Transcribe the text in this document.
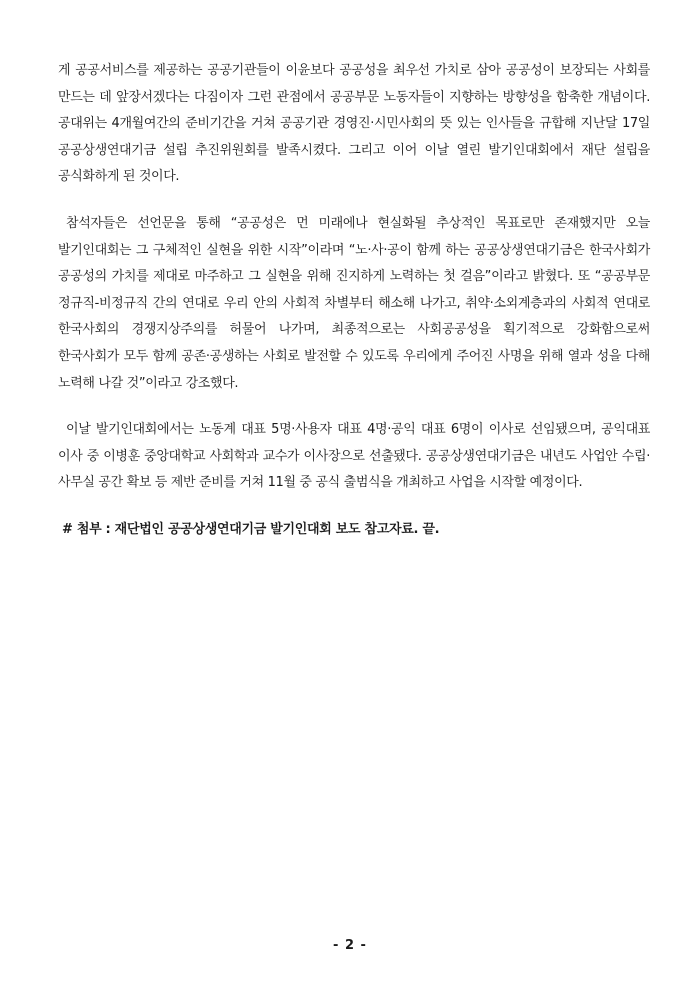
게 공공서비스를 제공하는 공공기관들이 이윤보다 공공성을 최우선 가치로 삼아 공공성이 보장되는 사회를 만드는 데 앞장서겠다는 다짐이자 그런 관점에서 공공부문 노동자들이 지향하는 방향성을 함축한 개념이다. 공대위는 4개월여간의 준비기간을 거쳐 공공기관 경영진·시민사회의 뜻 있는 인사들을 규합해 지난달 17일 공공상생연대기금 설립 추진위원회를 발족시켰다. 그리고 이어 이날 열린 발기인대회에서 재단 설립을 공식화하게 된 것이다.

참석자들은 선언문을 통해 “공공성은 먼 미래에나 현실화될 추상적인 목표로만 존재했지만 오늘 발기인대회는 그 구체적인 실현을 위한 시작”이라며 “노·사·공이 함께 하는 공공상생연대기금은 한국사회가 공공성의 가치를 제대로 마주하고 그 실현을 위해 진지하게 노력하는 첫 걸음”이라고 밝혔다. 또 “공공부문 정규직-비정규직 간의 연대로 우리 안의 사회적 차별부터 해소해 나가고, 취약·소외계층과의 사회적 연대로 한국사회의 경쟁지상주의를 허물어 나가며, 최종적으로는 사회공공성을 획기적으로 강화함으로써 한국사회가 모두 함께 공존·공생하는 사회로 발전할 수 있도록 우리에게 주어진 사명을 위해 열과 성을 다해 노력해 나갈 것”이라고 강조했다.

이날 발기인대회에서는 노동계 대표 5명·사용자 대표 4명·공익 대표 6명이 이사로 선임됐으며, 공익대표 이사 중 이병훈 중앙대학교 사회학과 교수가 이사장으로 선출됐다. 공공상생연대기금은 내년도 사업안 수립·사무실 공간 확보 등 제반 준비를 거쳐 11월 중 공식 출범식을 개최하고 사업을 시작할 예정이다.

# 첨부 : 재단법인 공공상생연대기금 발기인대회 보도 참고자료. 끝.

- 2 -
